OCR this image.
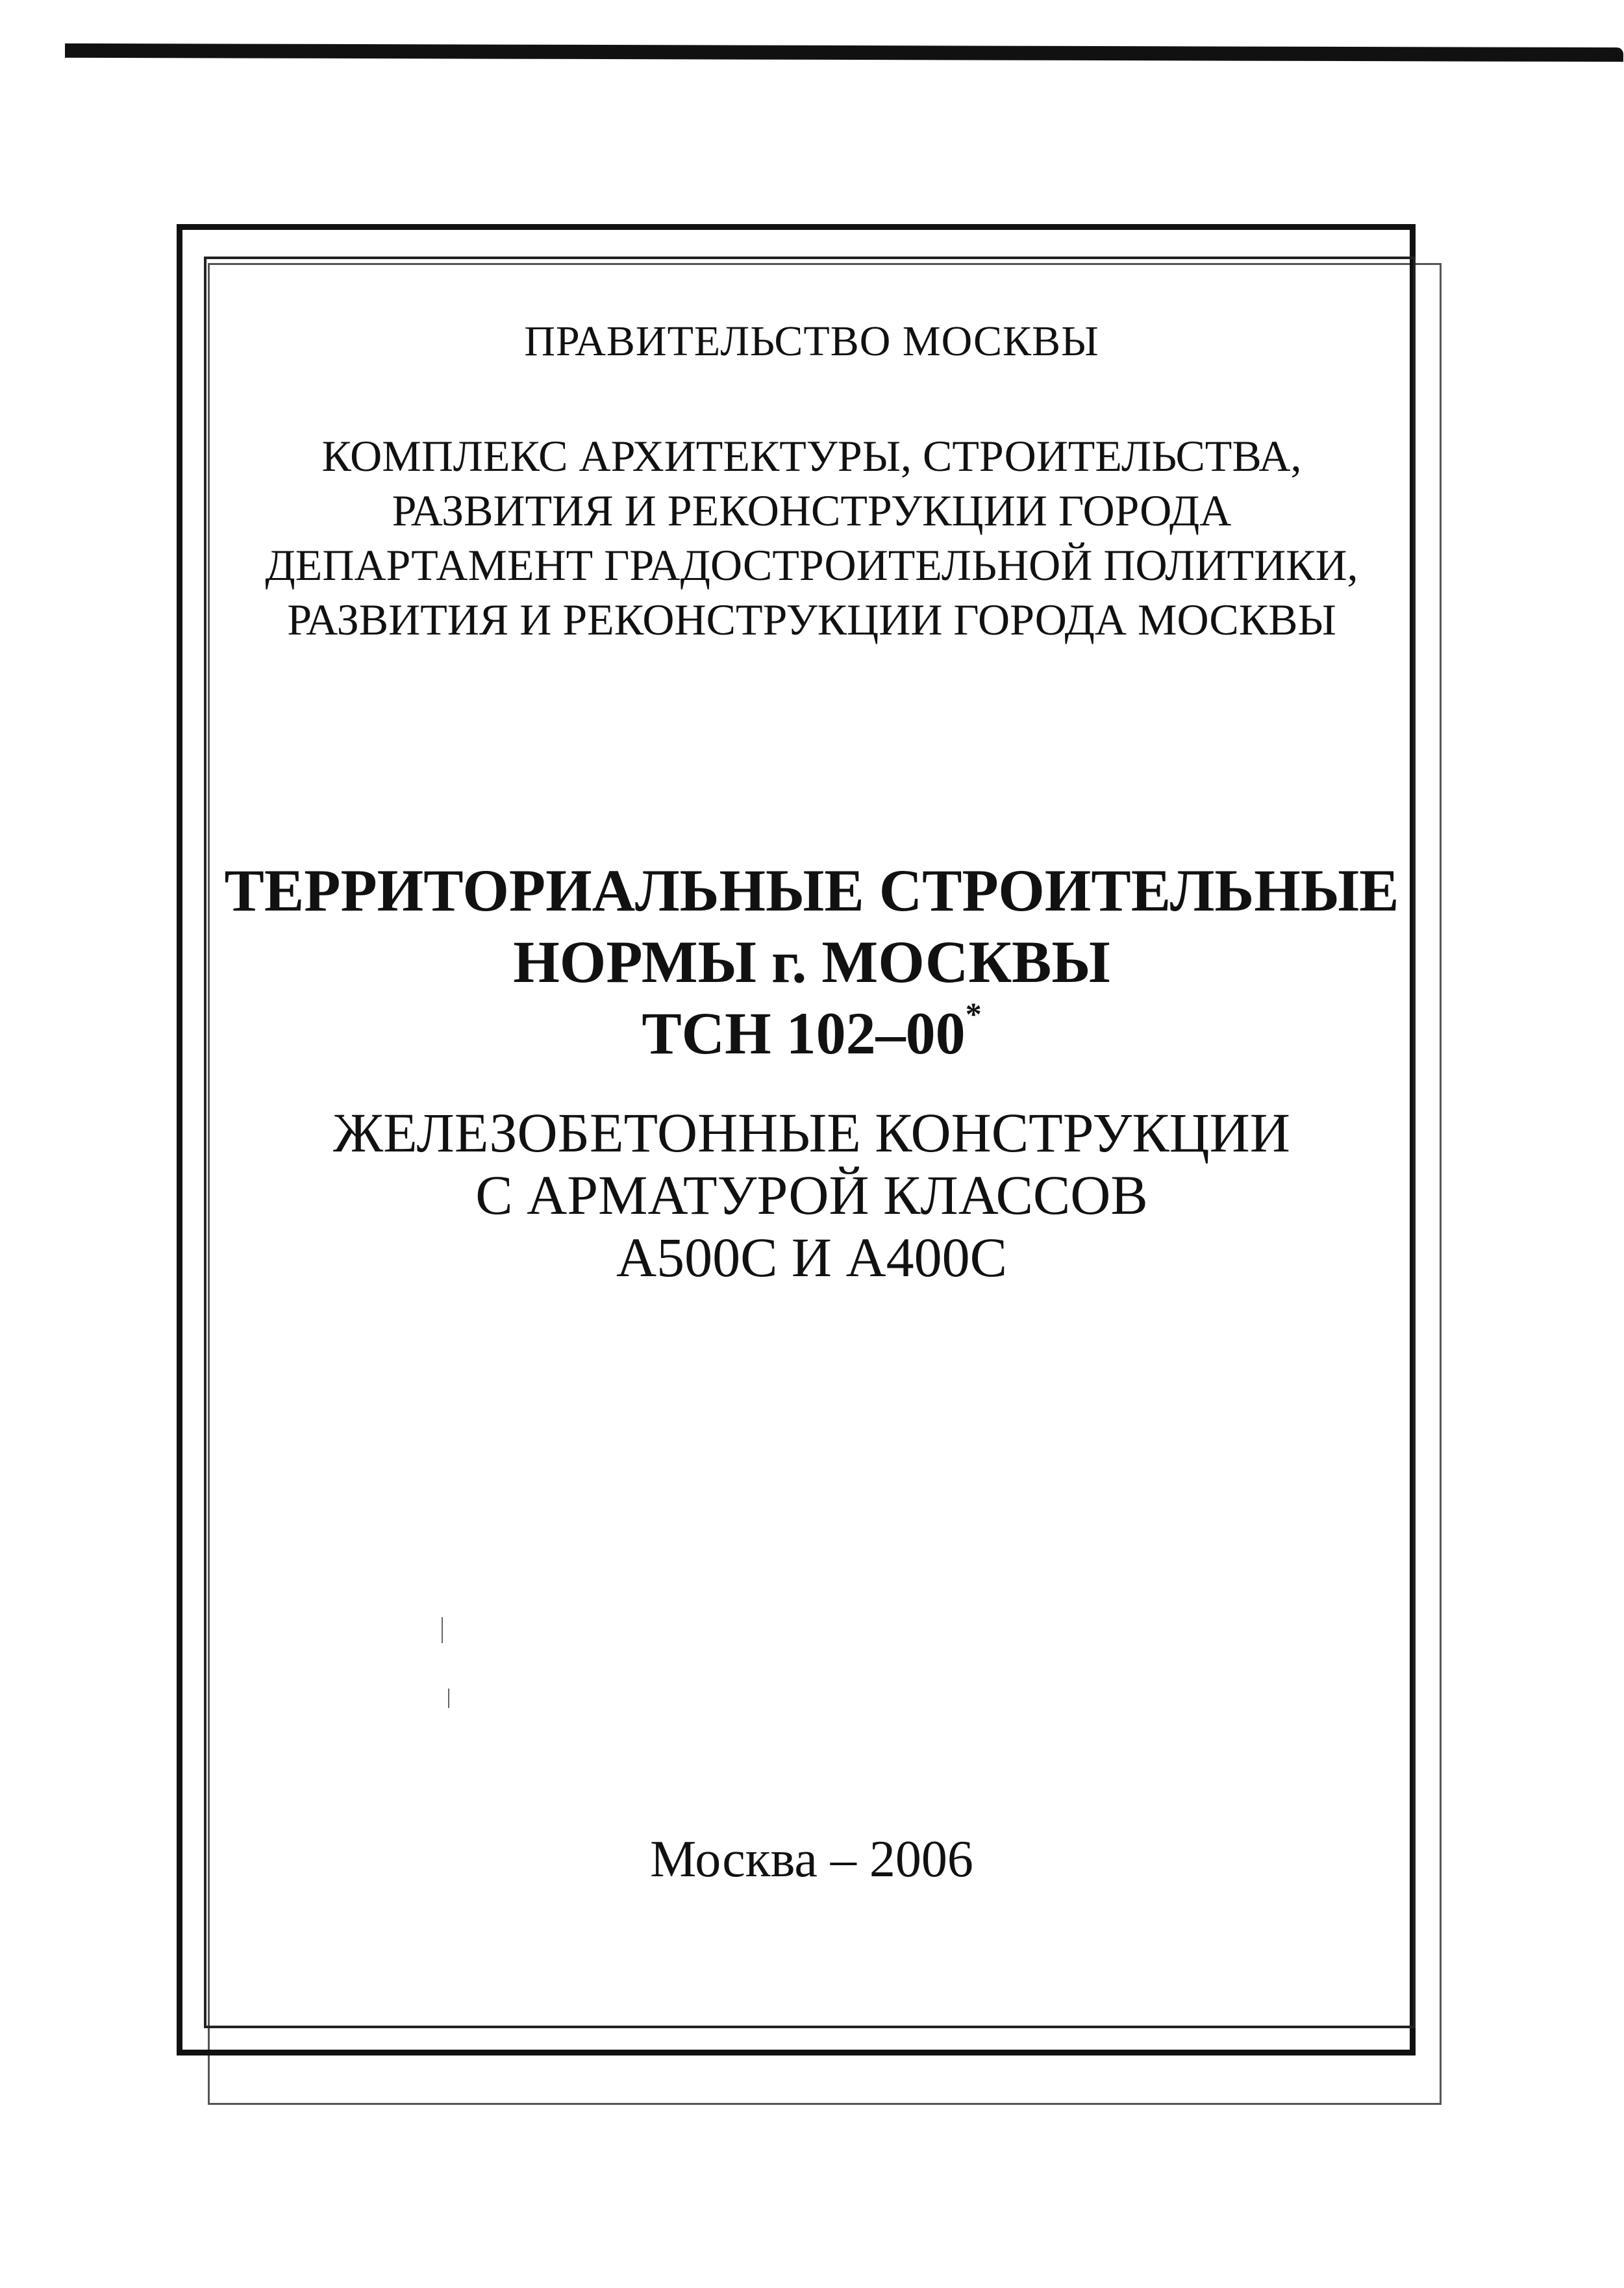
ПРАВИТЕЛЬСТВО МОСКВЫ
КОМПЛЕКС АРХИТЕКТУРЫ, СТРОИТЕЛЬСТВА,
РАЗВИТИЯ И РЕКОНСТРУКЦИИ ГОРОДА
ДЕПАРТАМЕНТ ГРАДОСТРОИТЕЛЬНОЙ ПОЛИТИКИ,
РАЗВИТИЯ И РЕКОНСТРУКЦИИ ГОРОДА МОСКВЫ
ТЕРРИТОРИАЛЬНЫЕ СТРОИТЕЛЬНЫЕ
НОРМЫ г. МОСКВЫ
ТСН 102–00*
ЖЕЛЕЗОБЕТОННЫЕ КОНСТРУКЦИИ
С АРМАТУРОЙ КЛАССОВ
А500С И А400С
Москва – 2006
